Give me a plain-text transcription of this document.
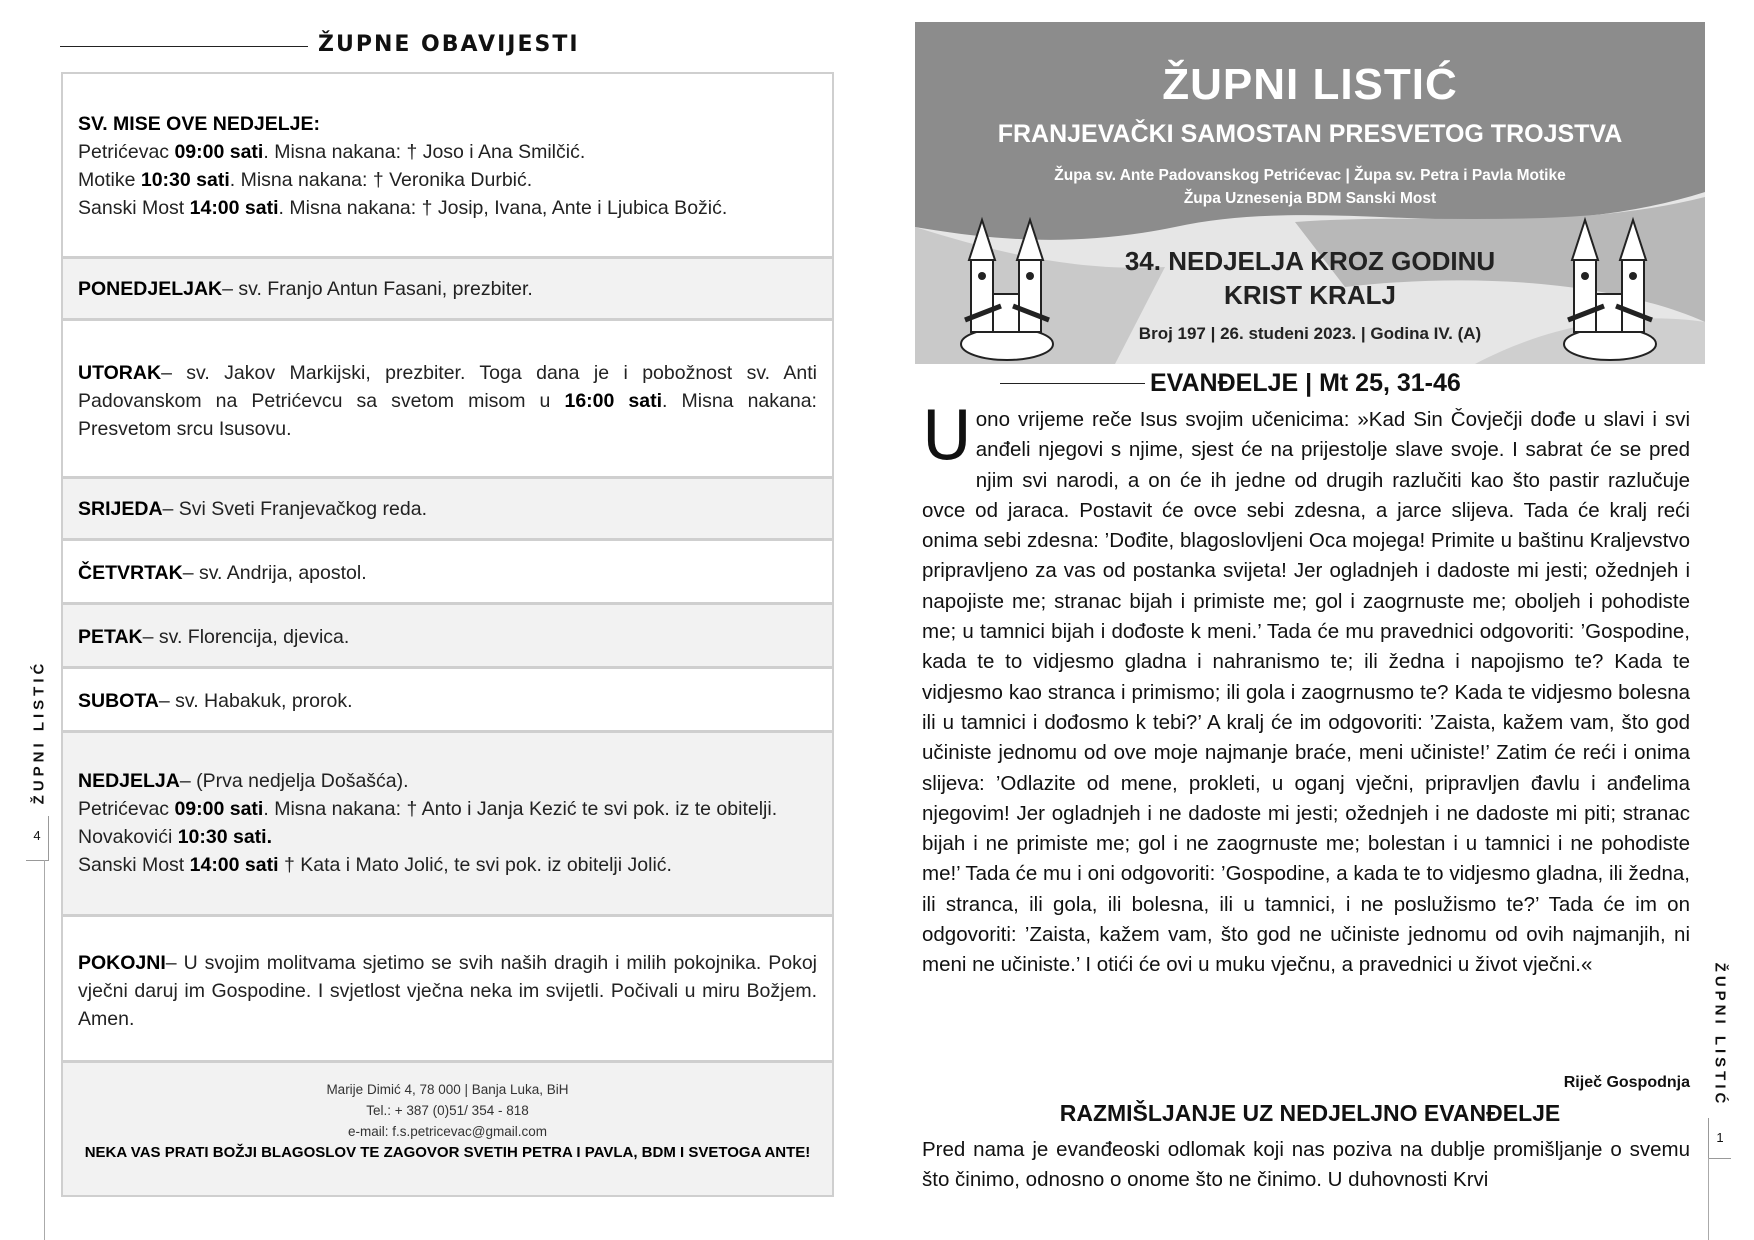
ŽUPNE OBAVIJESTI
SV. MISE OVE NEDJELJE:
Petrićevac 09:00 sati. Misna nakana: † Joso i Ana Smilčić.
Motike 10:30 sati. Misna nakana: † Veronika Durbić.
Sanski Most 14:00 sati. Misna nakana: † Josip, Ivana, Ante i Ljubica Božić.
PONEDJELJAK– sv. Franjo Antun Fasani, prezbiter.
UTORAK– sv. Jakov Markijski, prezbiter. Toga dana je i pobožnost sv. Anti Padovanskom na Petrićevcu sa svetom misom u 16:00 sati. Misna nakana: Presvetom srcu Isusovu.
SRIJEDA– Svi Sveti Franjevačkog reda.
ČETVRTAK– sv. Andrija, apostol.
PETAK– sv. Florencija, djevica.
SUBOTA– sv. Habakuk, prorok.
NEDJELJA– (Prva nedjelja Došašća).
Petrićevac 09:00 sati. Misna nakana: † Anto i Janja Kezić te svi pok. iz te obitelji.
Novakovići 10:30 sati.
Sanski Most 14:00 sati † Kata i Mato Jolić, te svi pok. iz obitelji Jolić.
POKOJNI– U svojim molitvama sjetimo se svih naših dragih i milih pokojnika. Pokoj vječni daruj im Gospodine. I svjetlost vječna neka im svijetli. Počivali u miru Božjem. Amen.
Marije Dimić 4, 78 000 | Banja Luka, BiH
Tel.: + 387 (0)51/ 354 - 818
e-mail: f.s.petricevac@gmail.com
NEKA VAS PRATI BOŽJI BLAGOSLOV TE ZAGOVOR SVETIH PETRA I PAVLA, BDM I SVETOGA ANTE!
ŽUPNI LISTIĆ
4
ŽUPNI LISTIĆ
FRANJEVAČKI SAMOSTAN PRESVETOG TROJSTVA
Župa sv. Ante Padovanskog Petrićevac | Župa sv. Petra i Pavla Motike
Župa Uznesenja BDM Sanski Most
34. NEDJELJA KROZ GODINU
KRIST KRALJ
Broj 197 | 26. studeni 2023. | Godina IV. (A)
EVANĐELJE | Mt 25, 31-46
Uono vrijeme reče Isus svojim učenicima: »Kad Sin Čovječji dođe u slavi i svi anđeli njegovi s njime, sjest će na prijestolje slave svoje. I sabrat će se pred njim svi narodi, a on će ih jedne od drugih razlučiti kao što pastir razlučuje ovce od jaraca. Postavit će ovce sebi zdesna, a jarce slijeva. Tada će kralj reći onima sebi zdesna: ’Dođite, blagoslovljeni Oca mojega! Primite u baštinu Kraljevstvo pripravljeno za vas od postanka svijeta! Jer ogladnjeh i dadoste mi jesti; ožednjeh i napojiste me; stranac bijah i primiste me; gol i zaogrnuste me; oboljeh i pohodiste me; u tamnici bijah i dođoste k meni.’ Tada će mu pravednici odgovoriti: ’Gospodine, kada te to vidjesmo gladna i nahranismo te; ili žedna i napojismo te? Kada te vidjesmo kao stranca i primismo; ili gola i zaogrnusmo te? Kada te vidjesmo bolesna ili u tamnici i dođosmo k tebi?’ A kralj će im odgovoriti: ’Zaista, kažem vam, što god učiniste jednomu od ove moje najmanje braće, meni učiniste!’ Zatim će reći i onima slijeva: ’Odlazite od mene, prokleti, u oganj vječni, pripravljen đavlu i anđelima njegovim! Jer ogladnjeh i ne dadoste mi jesti; ožednjeh i ne dadoste mi piti; stranac bijah i ne primiste me; gol i ne zaogrnuste me; bolestan i u tamnici i ne pohodiste me!’ Tada će mu i oni odgovoriti: ’Gospodine, a kada te to vidjesmo gladna, ili žedna, ili stranca, ili gola, ili bolesna, ili u tamnici, i ne poslužismo te?’ Tada će im on odgovoriti: ’Zaista, kažem vam, što god ne učiniste jednomu od ovih najmanjih, ni meni ne učiniste.’ I otići će ovi u muku vječnu, a pravednici u život vječni.«
Riječ Gospodnja
RAZMIŠLJANJE UZ NEDJELJNO EVANĐELJE
Pred nama je evanđeoski odlomak koji nas poziva na dublje promišljanje o svemu što činimo, odnosno o onome što ne činimo. U duhovnosti Krvi
ŽUPNI LISTIĆ
1
